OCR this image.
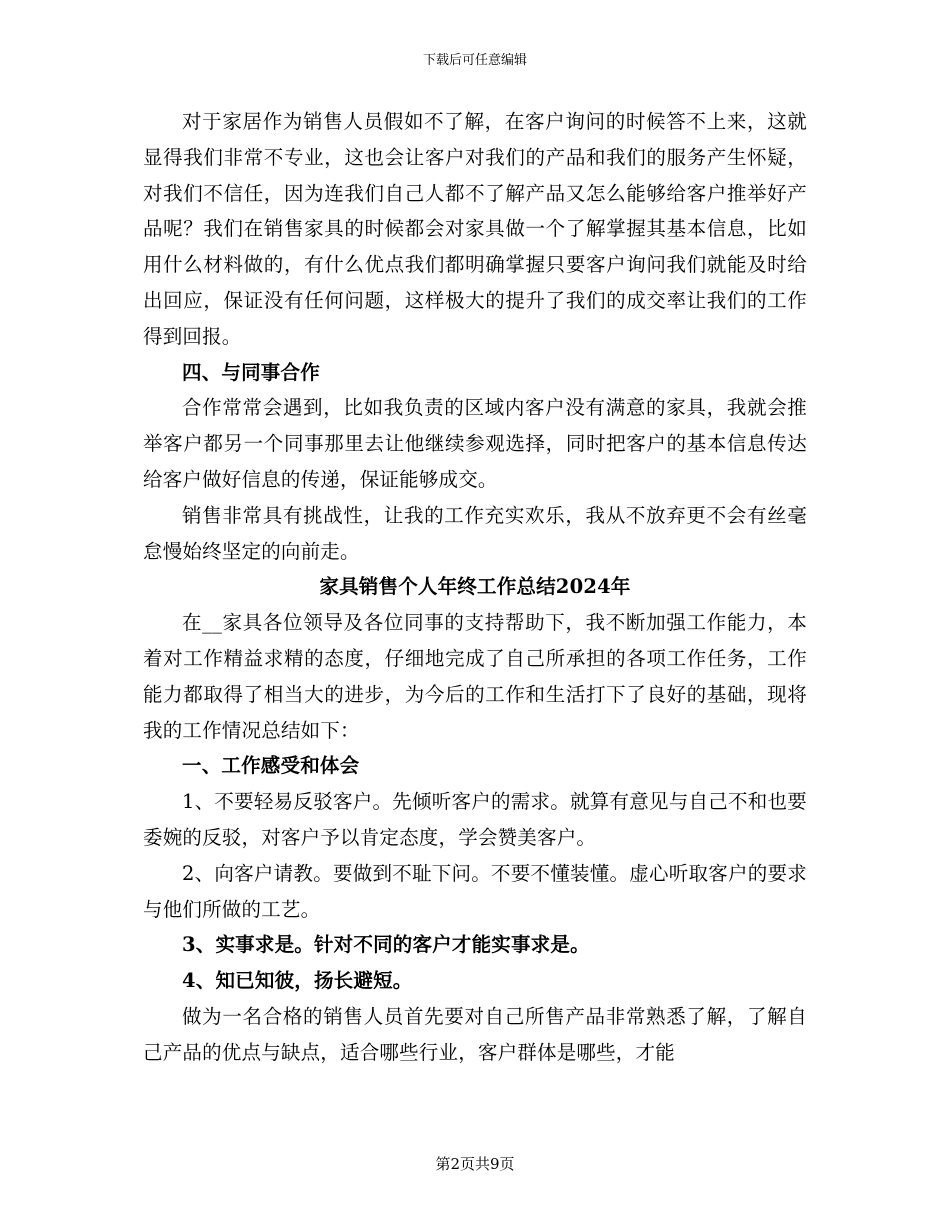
下载后可任意编辑

对于家居作为销售人员假如不了解，在客户询问的时候答不上来，这就显得我们非常不专业，这也会让客户对我们的产品和我们的服务产生怀疑，对我们不信任，因为连我们自己人都不了解产品又怎么能够给客户推举好产品呢？我们在销售家具的时候都会对家具做一个了解掌握其基本信息，比如用什么材料做的，有什么优点我们都明确掌握只要客户询问我们就能及时给出回应，保证没有任何问题，这样极大的提升了我们的成交率让我们的工作得到回报。

四、与同事合作

合作常常会遇到，比如我负责的区域内客户没有满意的家具，我就会推举客户都另一个同事那里去让他继续参观选择，同时把客户的基本信息传达给客户做好信息的传递，保证能够成交。

销售非常具有挑战性，让我的工作充实欢乐，我从不放弃更不会有丝毫怠慢始终坚定的向前走。

家具销售个人年终工作总结2024年

在__家具各位领导及各位同事的支持帮助下，我不断加强工作能力，本着对工作精益求精的态度，仔细地完成了自己所承担的各项工作任务，工作能力都取得了相当大的进步，为今后的工作和生活打下了良好的基础，现将我的工作情况总结如下：

一、工作感受和体会

1、不要轻易反驳客户。先倾听客户的需求。就算有意见与自己不和也要委婉的反驳，对客户予以肯定态度，学会赞美客户。

2、向客户请教。要做到不耻下问。不要不懂装懂。虚心听取客户的要求与他们所做的工艺。

3、实事求是。针对不同的客户才能实事求是。

4、知已知彼，扬长避短。

做为一名合格的销售人员首先要对自己所售产品非常熟悉了解，了解自己产品的优点与缺点，适合哪些行业，客户群体是哪些，才能

第2页共9页
